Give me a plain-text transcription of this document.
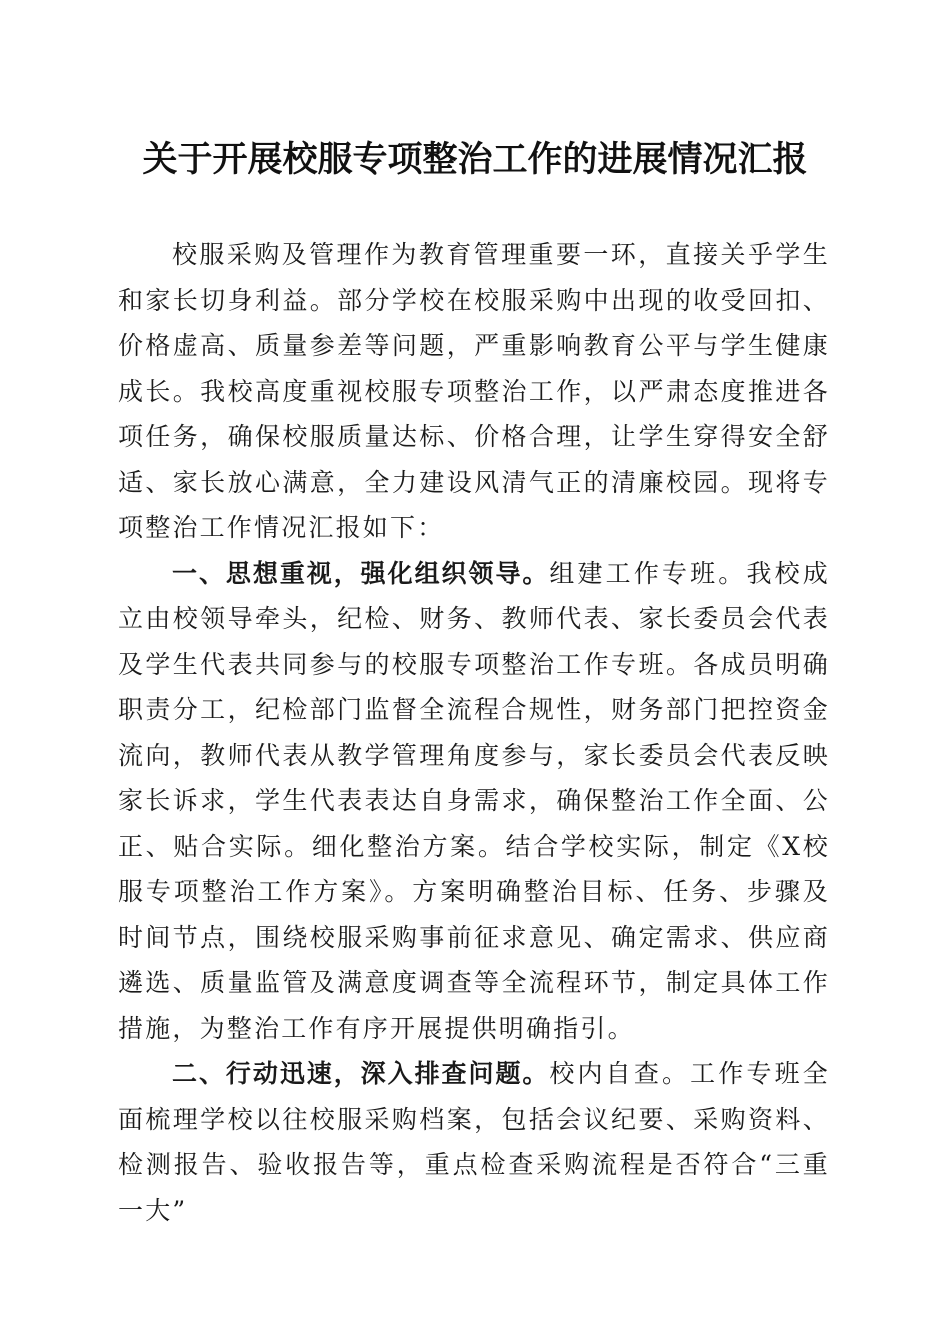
关于开展校服专项整治工作的进展情况汇报

校服采购及管理作为教育管理重要一环，直接关乎学生和家长切身利益。部分学校在校服采购中出现的收受回扣、价格虚高、质量参差等问题，严重影响教育公平与学生健康成长。我校高度重视校服专项整治工作，以严肃态度推进各项任务，确保校服质量达标、价格合理，让学生穿得安全舒适、家长放心满意，全力建设风清气正的清廉校园。现将专项整治工作情况汇报如下：

一、思想重视，强化组织领导。组建工作专班。我校成立由校领导牵头，纪检、财务、教师代表、家长委员会代表及学生代表共同参与的校服专项整治工作专班。各成员明确职责分工，纪检部门监督全流程合规性，财务部门把控资金流向，教师代表从教学管理角度参与，家长委员会代表反映家长诉求，学生代表表达自身需求，确保整治工作全面、公正、贴合实际。细化整治方案。结合学校实际，制定《X校服专项整治工作方案》。方案明确整治目标、任务、步骤及时间节点，围绕校服采购事前征求意见、确定需求、供应商遴选、质量监管及满意度调查等全流程环节，制定具体工作措施，为整治工作有序开展提供明确指引。

二、行动迅速，深入排查问题。校内自查。工作专班全面梳理学校以往校服采购档案，包括会议纪要、采购资料、检测报告、验收报告等，重点检查采购流程是否符合“三重一大”
